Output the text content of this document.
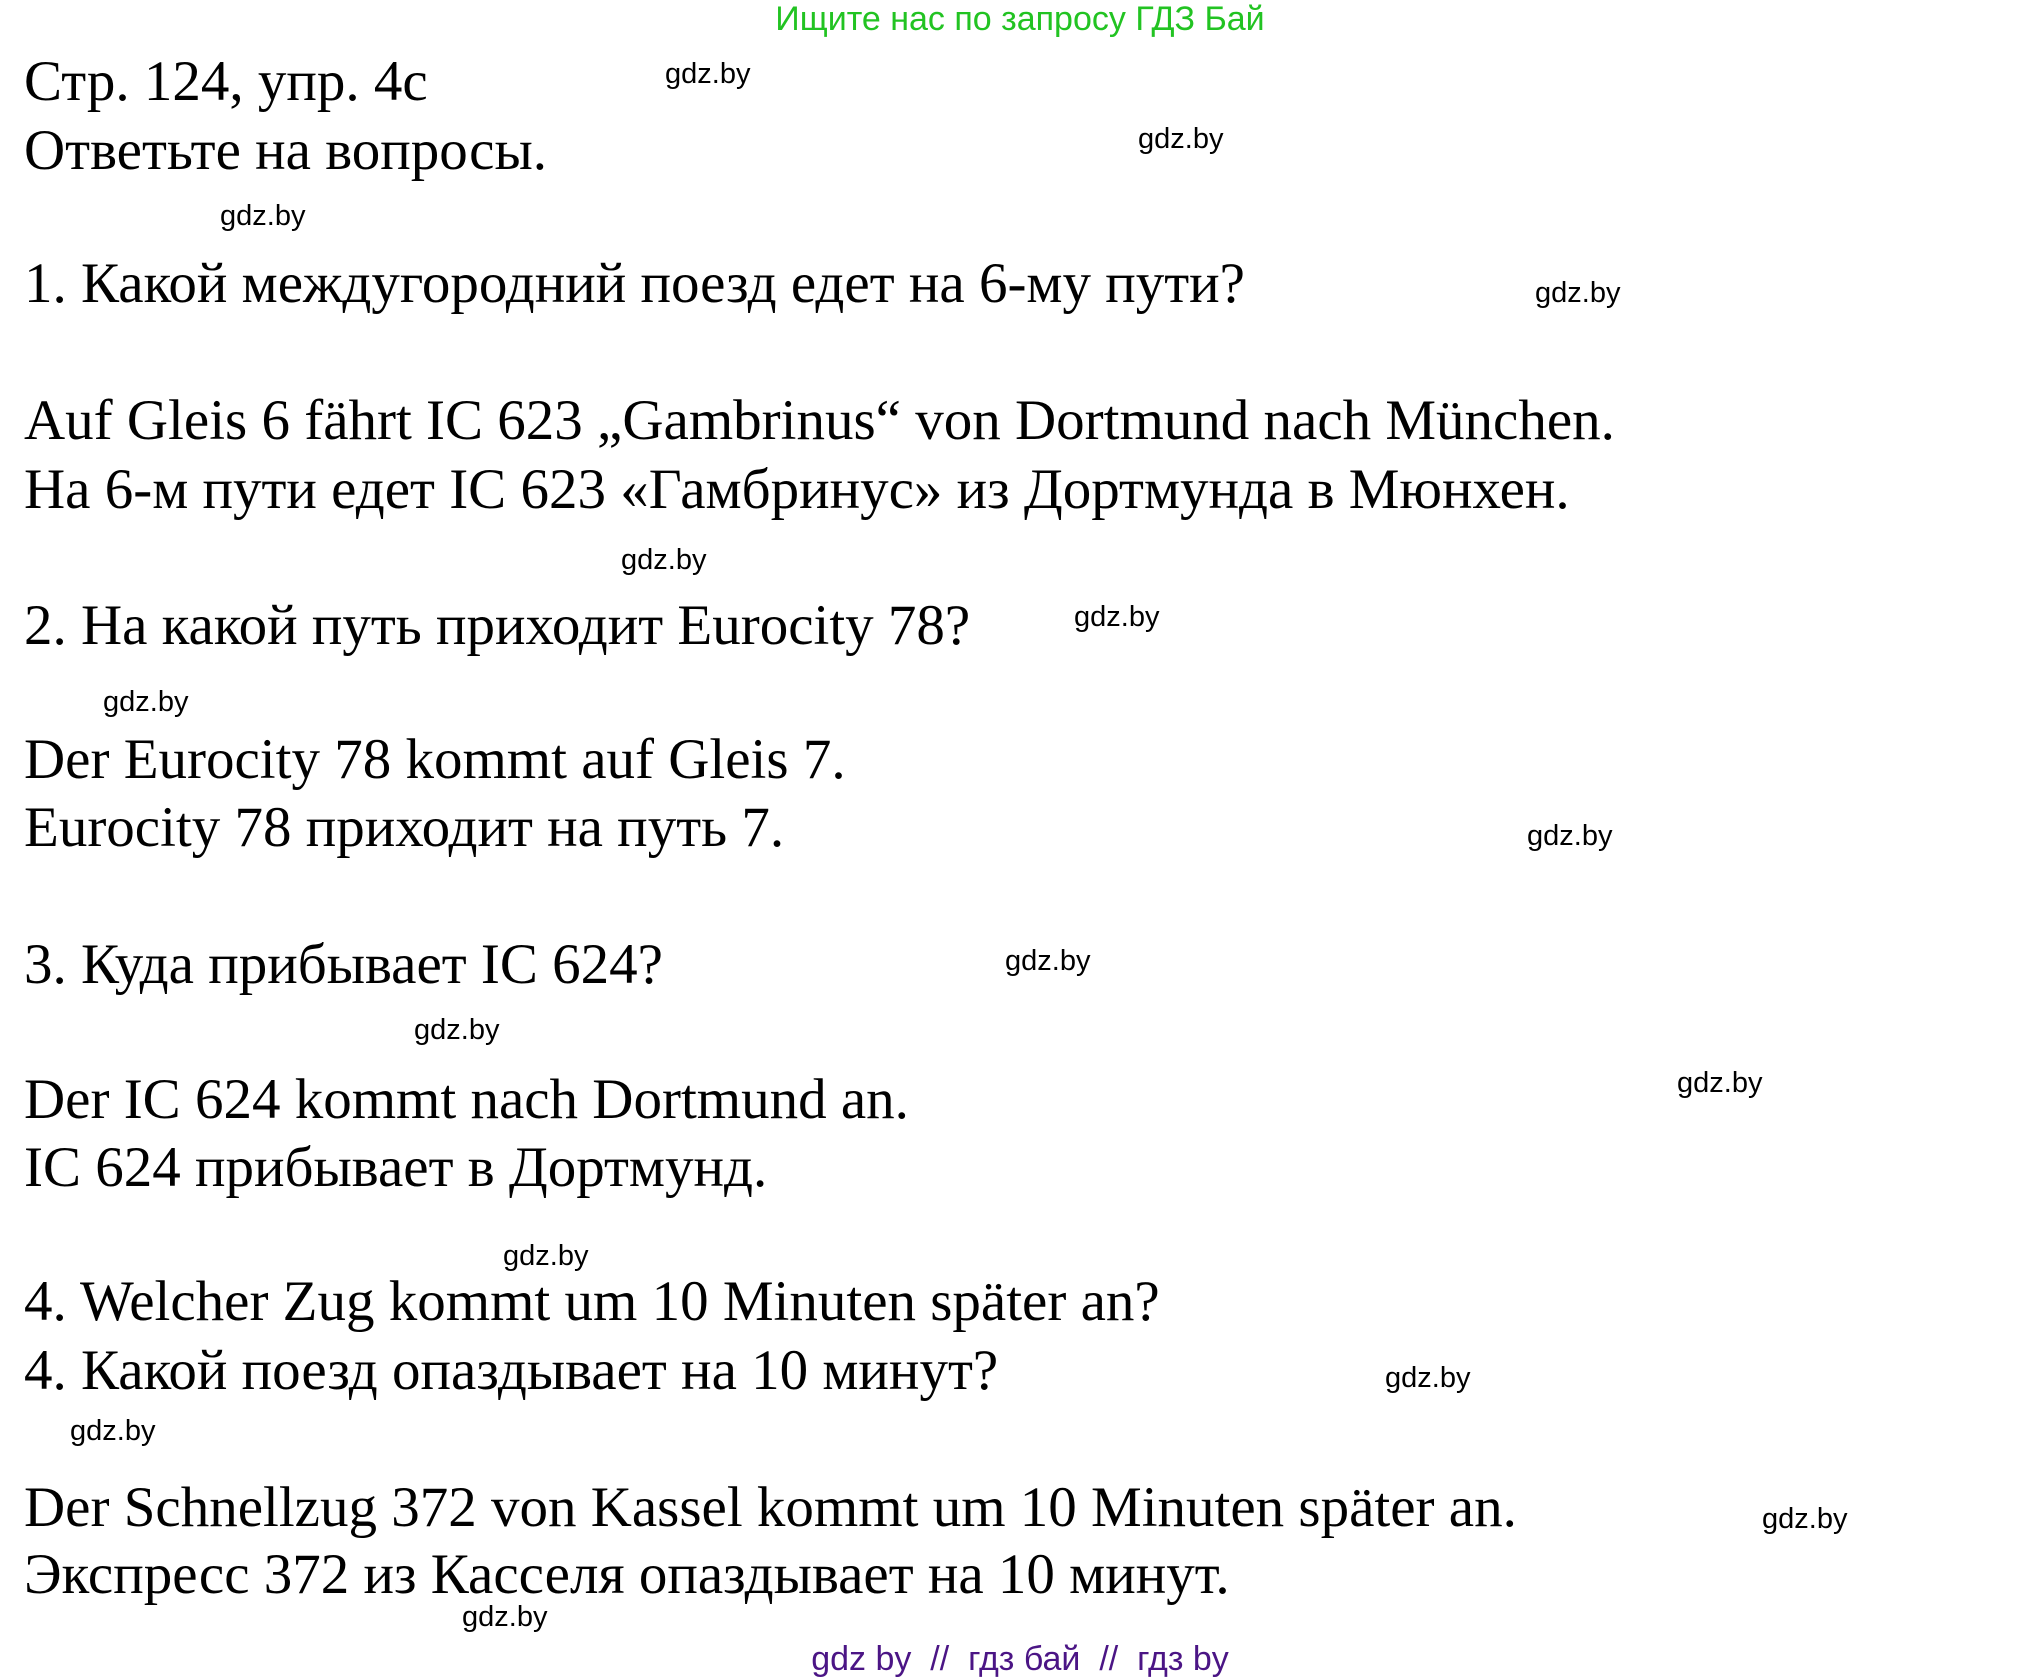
Ищите нас по запросу ГДЗ Бай
Стр. 124, упр. 4c
Ответьте на вопросы.
1. Какой междугородний поезд едет на 6-му пути?
Auf Gleis 6 fährt IC 623 „Gambrinus“ von Dortmund nach München.
На 6-м пути едет IC 623 «Гамбринус» из Дортмунда в Мюнхен.
2. На какой путь приходит Eurocity 78?
Der Eurocity 78 kommt auf Gleis 7.
Eurocity 78 приходит на путь 7.
3. Куда прибывает IC 624?
Der IC 624 kommt nach Dortmund an.
IC 624 прибывает в Дортмунд.
4. Welcher Zug kommt um 10 Minuten später an?
4. Какой поезд опаздывает на 10 минут?
Der Schnellzug 372 von Kassel kommt um 10 Minuten später an.
Экспресс 372 из Касселя опаздывает на 10 минут.
gdz.by
gdz.by
gdz.by
gdz.by
gdz.by
gdz.by
gdz.by
gdz.by
gdz.by
gdz.by
gdz.by
gdz.by
gdz.by
gdz.by
gdz.by
gdz.by
gdz by  //  гдз бай  //  гдз by
